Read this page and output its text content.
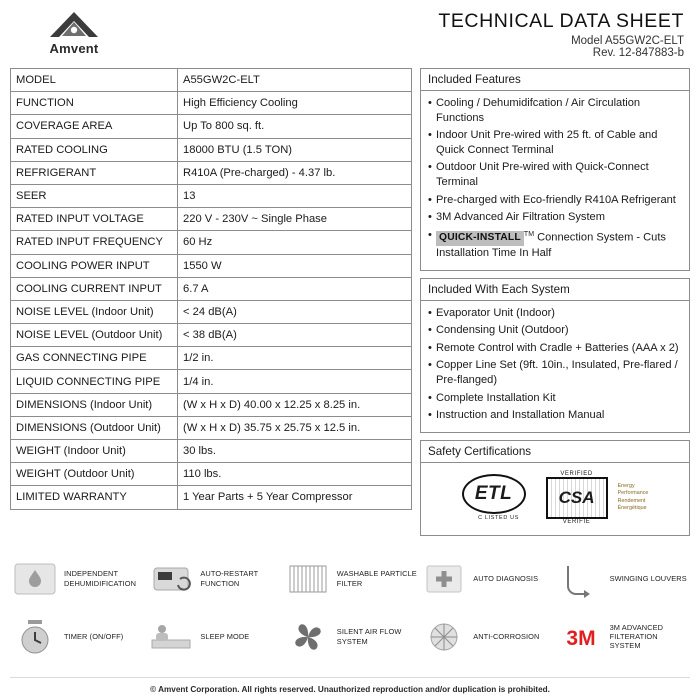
Amvent
TECHNICAL DATA SHEET
Model A55GW2C-ELT
Rev. 12-847883-b
MODEL	A55GW2C-ELT
FUNCTION	High Efficiency Cooling
COVERAGE AREA	Up To 800 sq. ft.
RATED COOLING	18000 BTU (1.5 TON)
REFRIGERANT	R410A (Pre-charged) - 4.37 lb.
SEER	13
RATED INPUT VOLTAGE	220 V - 230V ~ Single Phase
RATED INPUT FREQUENCY	60 Hz
COOLING POWER INPUT	1550 W
COOLING CURRENT INPUT	6.7 A
NOISE LEVEL (Indoor Unit)	< 24 dB(A)
NOISE LEVEL (Outdoor Unit)	< 38 dB(A)
GAS CONNECTING PIPE	1/2 in.
LIQUID CONNECTING PIPE	1/4 in.
DIMENSIONS (Indoor Unit)	(W x H x D) 40.00 x 12.25 x 8.25 in.
DIMENSIONS (Outdoor Unit)	(W x H x D) 35.75 x 25.75 x 12.5 in.
WEIGHT (Indoor Unit)	30 lbs.
WEIGHT (Outdoor Unit)	110 lbs.
LIMITED WARRANTY	1 Year Parts + 5 Year Compressor
Included Features
• Cooling / Dehumidifcation / Air Circulation Functions
• Indoor Unit Pre-wired with 25 ft. of Cable and Quick Connect Terminal
• Outdoor Unit Pre-wired with Quick-Connect Terminal
• Pre-charged with Eco-friendly R410A Refrigerant
• 3M Advanced Air Filtration System
• QUICK-INSTALL ™ Connection System - Cuts Installation Time In Half
Included With Each System
• Evaporator Unit (Indoor)
• Condensing Unit (Outdoor)
• Remote Control with Cradle + Batteries (AAA x 2)
• Copper Line Set (9ft. 10in., Insulated, Pre-flared / Pre-flanged)
• Complete Installation Kit
• Instruction and Installation Manual
Safety Certifications
ETL
C LISTED US
VERIFIED
CSA
VERIFIÉ
Energy
Performance
Rendement
Énergétique
INDEPENDENT DEHUMIDIFICATION
AUTO-RESTART FUNCTION
WASHABLE PARTICLE FILTER
AUTO DIAGNOSIS	SWINGING LOUVERS
TIMER (ON/OFF)	SLEEP MODE
SILENT AIR FLOW SYSTEM
ANTI-CORROSION 3M 3M ADVANCED FILTERATION SYSTEM
© Amvent Corporation. All rights reserved. Unauthorized reproduction and/or duplication is prohibited.
